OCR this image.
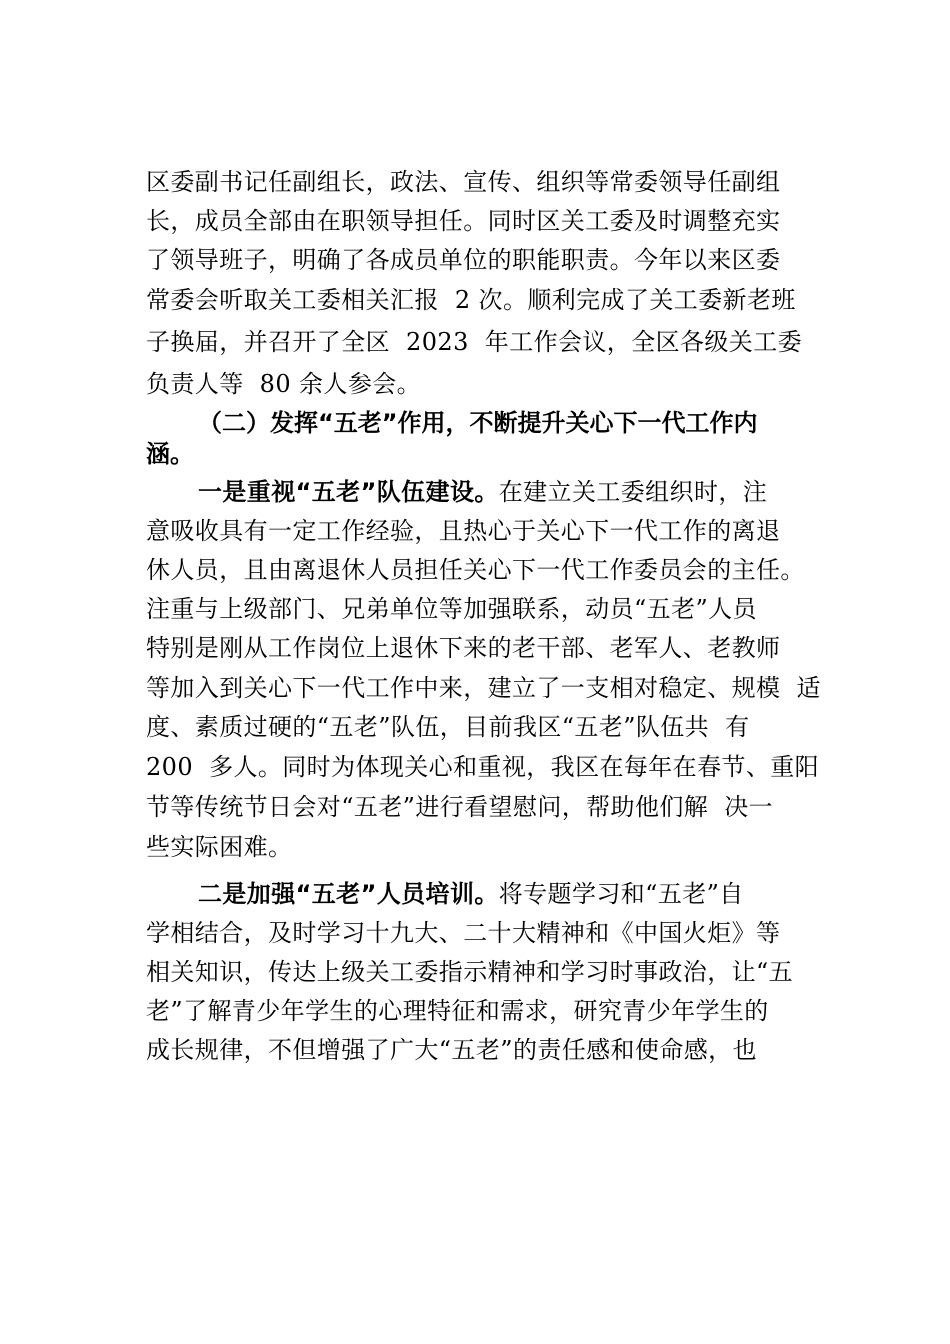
区委副书记任副组长，政法、宣传、组织等常委领导任副组
长，成员全部由在职领导担任。同时区关工委及时调整充实
了领导班子，明确了各成员单位的职能职责。今年以来区委
常委会听取关工委相关汇报  2 次。顺利完成了关工委新老班
子换届，并召开了全区  2023  年工作会议，全区各级关工委
负责人等  80 余人参会。
（二）发挥“五老”作用，不断提升关心下一代工作内
涵。
一是重视“五老”队伍建设。在建立关工委组织时，注
意吸收具有一定工作经验，且热心于关心下一代工作的离退
休人员，且由离退休人员担任关心下一代工作委员会的主任。
注重与上级部门、兄弟单位等加强联系，动员“五老”人员
特别是刚从工作岗位上退休下来的老干部、老军人、老教师
等加入到关心下一代工作中来，建立了一支相对稳定、规模  适
度、素质过硬的“五老”队伍，目前我区“五老”队伍共  有
200  多人。同时为体现关心和重视，我区在每年在春节、重阳
节等传统节日会对“五老”进行看望慰问，帮助他们解  决一
些实际困难。
二是加强“五老”人员培训。将专题学习和“五老”自
学相结合，及时学习十九大、二十大精神和《中国火炬》等
相关知识，传达上级关工委指示精神和学习时事政治，让“五
老”了解青少年学生的心理特征和需求，研究青少年学生的
成长规律，不但增强了广大“五老”的责任感和使命感，也
